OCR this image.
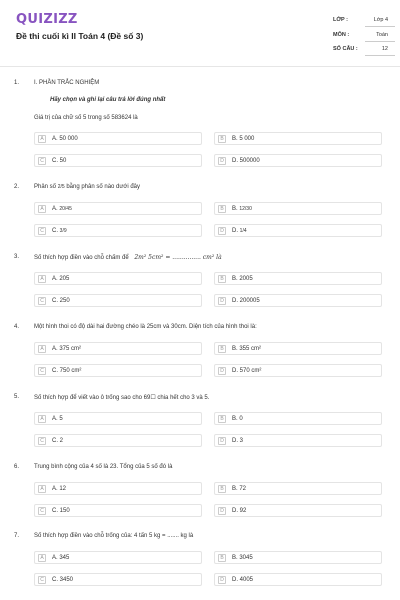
QUIZIZZ
Đề thi cuối kì II Toán 4 (Đề số 3)
LỚP :	Lớp 4
MÔN :	Toán
SỐ CÂU :	12
1. I. PHẦN TRẮC NGHIỆM
Hãy chọn và ghi lại câu trả lời đúng nhất
Giá trị của chữ số 5 trong số 583624 là
A	A. 50 000	B	B. 5 000
C	C. 50	D	D. 500000
2. Phân số 2/5 bằng phân số nào dưới đây
A	A. 20/45	B	B. 12/30
C	C. 3/9	D	D. 1/4
3. Số thích hợp điền vào chỗ chấm để 2m² 5cm² = ............... cm² là
A	A. 205	B	B. 2005
C	C. 250	D	D. 200005
4. Một hình thoi có độ dài hai đường chéo là 25cm và 30cm. Diện tích của hình thoi là:
A	A. 375 cm²	B	B. 355 cm²
C	C. 750 cm²	D	D. 570 cm²
5. Số thích hợp để viết vào ô trống sao cho 69☐ chia hết cho 3 và 5.
A	A. 5	B	B. 0
C	C. 2	D	D. 3
6. Trung bình cộng của 4 số là 23. Tổng của 5 số đó là
A	A. 12	B	B. 72
C	C. 150	D	D. 92
7. Số thích hợp điền vào chỗ trống của: 4 tấn 5 kg = ....... kg là
A	A. 345	B	B. 3045
C	C. 3450	D	D. 4005
